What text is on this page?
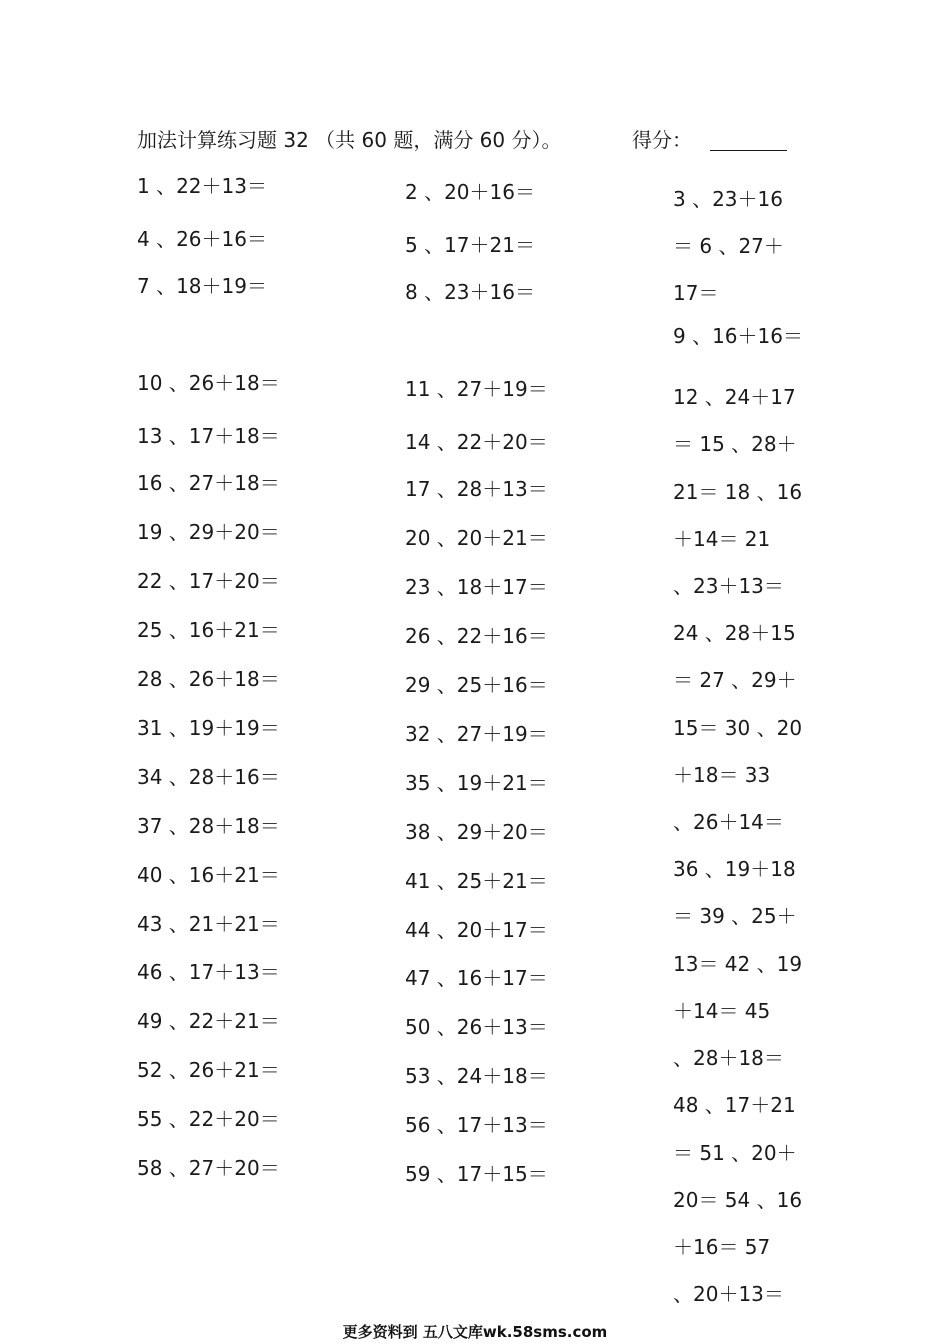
加法计算练习题 32 （共 60 题，满分 60 分）。	得分：
1 、22＋13＝
4 、26＋16＝
7 、18＋19＝
10 、26＋18＝
13 、17＋18＝
16 、27＋18＝
19 、29＋20＝
22 、17＋20＝
25 、16＋21＝
28 、26＋18＝
31 、19＋19＝
34 、28＋16＝
37 、28＋18＝
40 、16＋21＝
43 、21＋21＝
46 、17＋13＝
49 、22＋21＝
52 、26＋21＝
55 、22＋20＝
58 、27＋20＝
2 、20＋16＝
5 、17＋21＝
8 、23＋16＝
11 、27＋19＝
14 、22＋20＝
17 、28＋13＝
20 、20＋21＝
23 、18＋17＝
26 、22＋16＝
29 、25＋16＝
32 、27＋19＝
35 、19＋21＝
38 、29＋20＝
41 、25＋21＝
44 、20＋17＝
47 、16＋17＝
50 、26＋13＝
53 、24＋18＝
56 、17＋13＝
59 、17＋15＝
3 、23＋16
＝ 6 、27＋
17＝
9 、16＋16＝
12 、24＋17
＝ 15 、28＋
21＝ 18 、16
＋14＝ 21
、23＋13＝
24 、28＋15
＝ 27 、29＋
15＝ 30 、20
＋18＝ 33
、26＋14＝
36 、19＋18
＝ 39 、25＋
13＝ 42 、19
＋14＝ 45
、28＋18＝
48 、17＋21
＝ 51 、20＋
20＝ 54 、16
＋16＝ 57
、20＋13＝
更多资料到 五八文库wk.58sms.com
